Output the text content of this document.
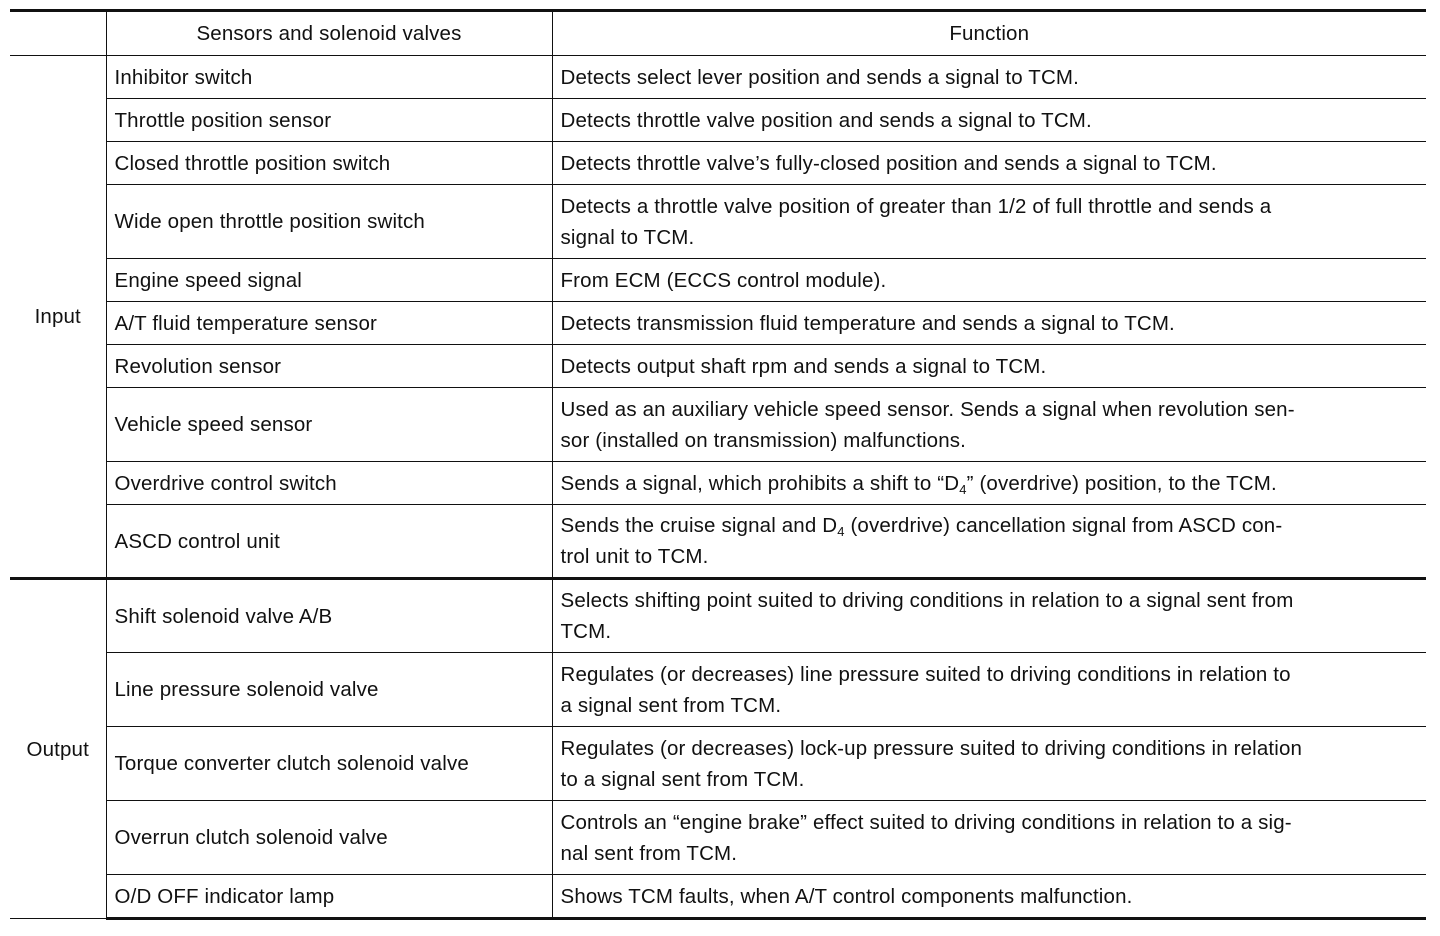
	Sensors and solenoid valves	Function
Input	Inhibitor switch	Detects select lever position and sends a signal to TCM.
	Throttle position sensor	Detects throttle valve position and sends a signal to TCM.
	Closed throttle position switch	Detects throttle valve’s fully-closed position and sends a signal to TCM.
	Wide open throttle position switch	Detects a throttle valve position of greater than 1/2 of full throttle and sends a
signal to TCM.

	Engine speed signal	From ECM (ECCS control module).
	A/T fluid temperature sensor	Detects transmission fluid temperature and sends a signal to TCM.
	Revolution sensor	Detects output shaft rpm and sends a signal to TCM.
	Vehicle speed sensor	Used as an auxiliary vehicle speed sensor. Sends a signal when revolution sen-
sor (installed on transmission) malfunctions.

	Overdrive control switch	Sends a signal, which prohibits a shift to “$D_4$” (overdrive) position, to the TCM.
	ASCD control unit	Sends the cruise signal and $D_4$ (overdrive) cancellation signal from ASCD con-
trol unit to TCM.

Output	Shift solenoid valve A/B	Selects shifting point suited to driving conditions in relation to a signal sent from
TCM.

	Line pressure solenoid valve	Regulates (or decreases) line pressure suited to driving conditions in relation to
a signal sent from TCM.

	Torque converter clutch solenoid valve	Regulates (or decreases) lock-up pressure suited to driving conditions in relation
to a signal sent from TCM.

	Overrun clutch solenoid valve	Controls an “engine brake” effect suited to driving conditions in relation to a sig-
nal sent from TCM.

	O/D OFF indicator lamp	Shows TCM faults, when A/T control components malfunction.
